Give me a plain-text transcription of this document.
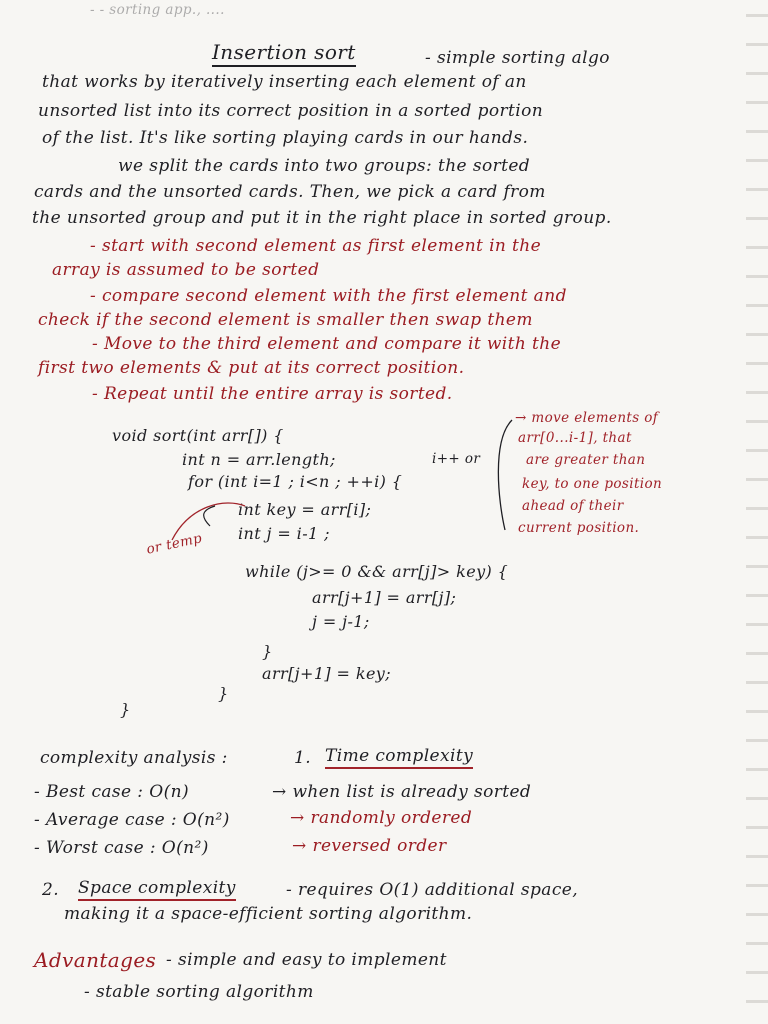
- - sorting app., ....
Insertion sort	- simple sorting algo
that works by iteratively inserting each element of an
unsorted list into its correct position in a sorted portion
of the list. It's like sorting playing cards in our hands.
we split the cards into two groups: the sorted
cards and the unsorted cards. Then, we pick a card from
the unsorted group and put it in the right place in sorted group.
- start with second element as first element in the
array is assumed to be sorted
- compare second element with the first element and
check if the second element is smaller then swap them
- Move to the third element and compare it with the
first two elements & put at its correct position.
- Repeat until the entire array is sorted.
void sort(int arr[]) {
int n = arr.length;
for (int i=1 ; i<n ; ++i) {
i++ or
int key = arr[i];
int j = i-1 ;
or temp
while (j>= 0 && arr[j]> key) {
arr[j+1] = arr[j];
j = j-1;
}
arr[j+1] = key;
}
}
→ move elements of
arr[0...i-1], that
are greater than
key, to one position
ahead of their
current position.
complexity analysis :	1. Time complexity
- Best case : O(n)	→ when list is already sorted
- Average case : O(n²)	→ randomly ordered
- Worst case : O(n²)	→ reversed order
2. Space complexity	- requires O(1) additional space,
making it a space-efficient sorting algorithm.
Advantages - simple and easy to implement
- stable sorting algorithm
